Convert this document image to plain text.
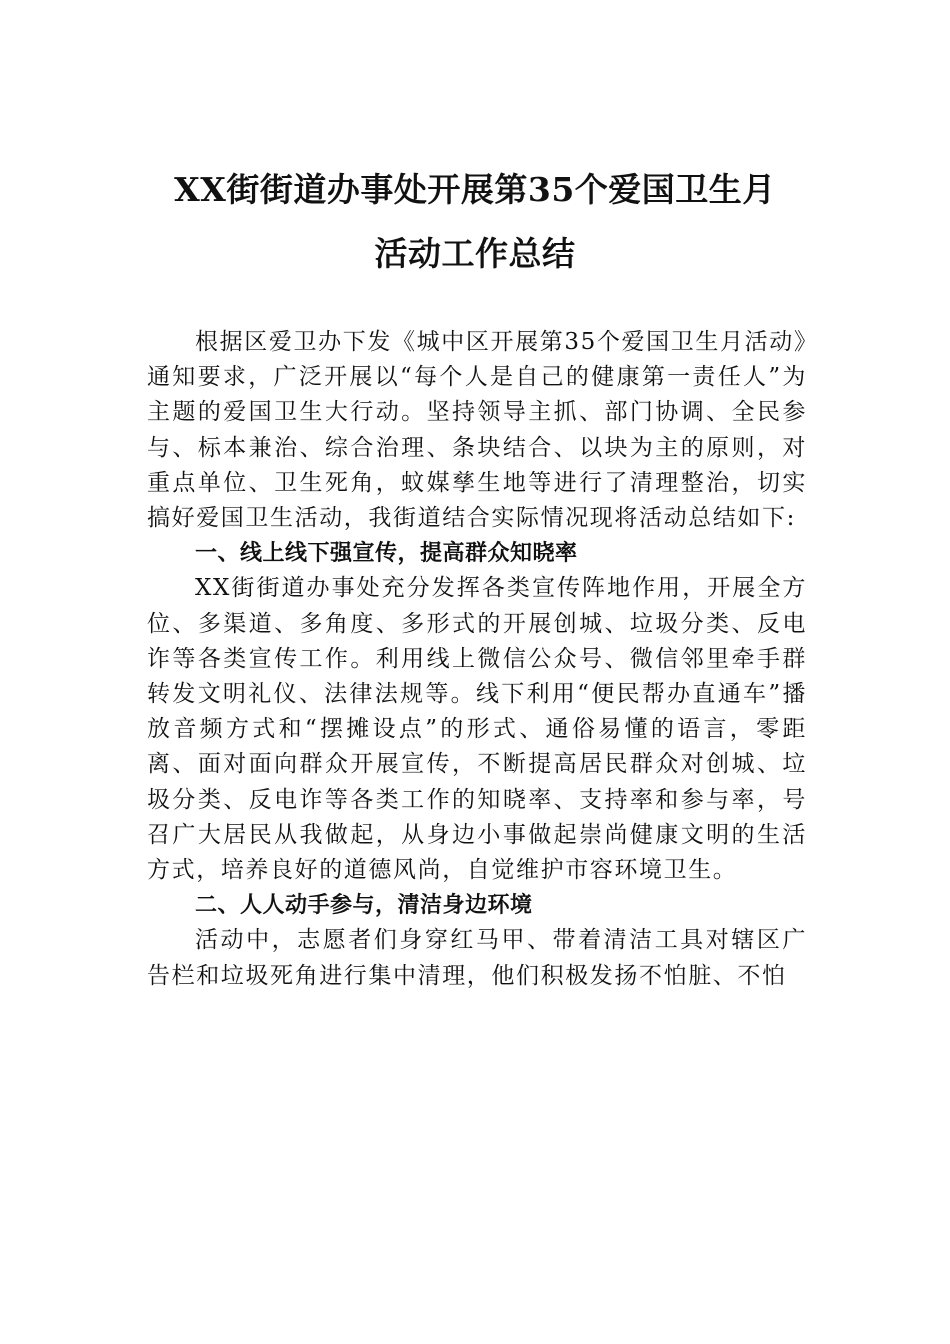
XX街街道办事处开展第35个爱国卫生月
活动工作总结

根据区爱卫办下发《城中区开展第35个爱国卫生月活动》通知要求，广泛开展以“每个人是自己的健康第一责任人”为主题的爱国卫生大行动。坚持领导主抓、部门协调、全民参与、标本兼治、综合治理、条块结合、以块为主的原则，对重点单位、卫生死角，蚊媒孳生地等进行了清理整治，切实搞好爱国卫生活动，我街道结合实际情况现将活动总结如下:

一、线上线下强宣传，提高群众知晓率

XX街街道办事处充分发挥各类宣传阵地作用，开展全方位、多渠道、多角度、多形式的开展创城、垃圾分类、反电诈等各类宣传工作。利用线上微信公众号、微信邻里牵手群转发文明礼仪、法律法规等。线下利用“便民帮办直通车”播放音频方式和“摆摊设点”的形式、通俗易懂的语言，零距离、面对面向群众开展宣传，不断提高居民群众对创城、垃圾分类、反电诈等各类工作的知晓率、支持率和参与率，号召广大居民从我做起，从身边小事做起崇尚健康文明的生活方式，培养良好的道德风尚，自觉维护市容环境卫生。

二、人人动手参与，清洁身边环境

活动中，志愿者们身穿红马甲、带着清洁工具对辖区广告栏和垃圾死角进行集中清理，他们积极发扬不怕脏、不怕
